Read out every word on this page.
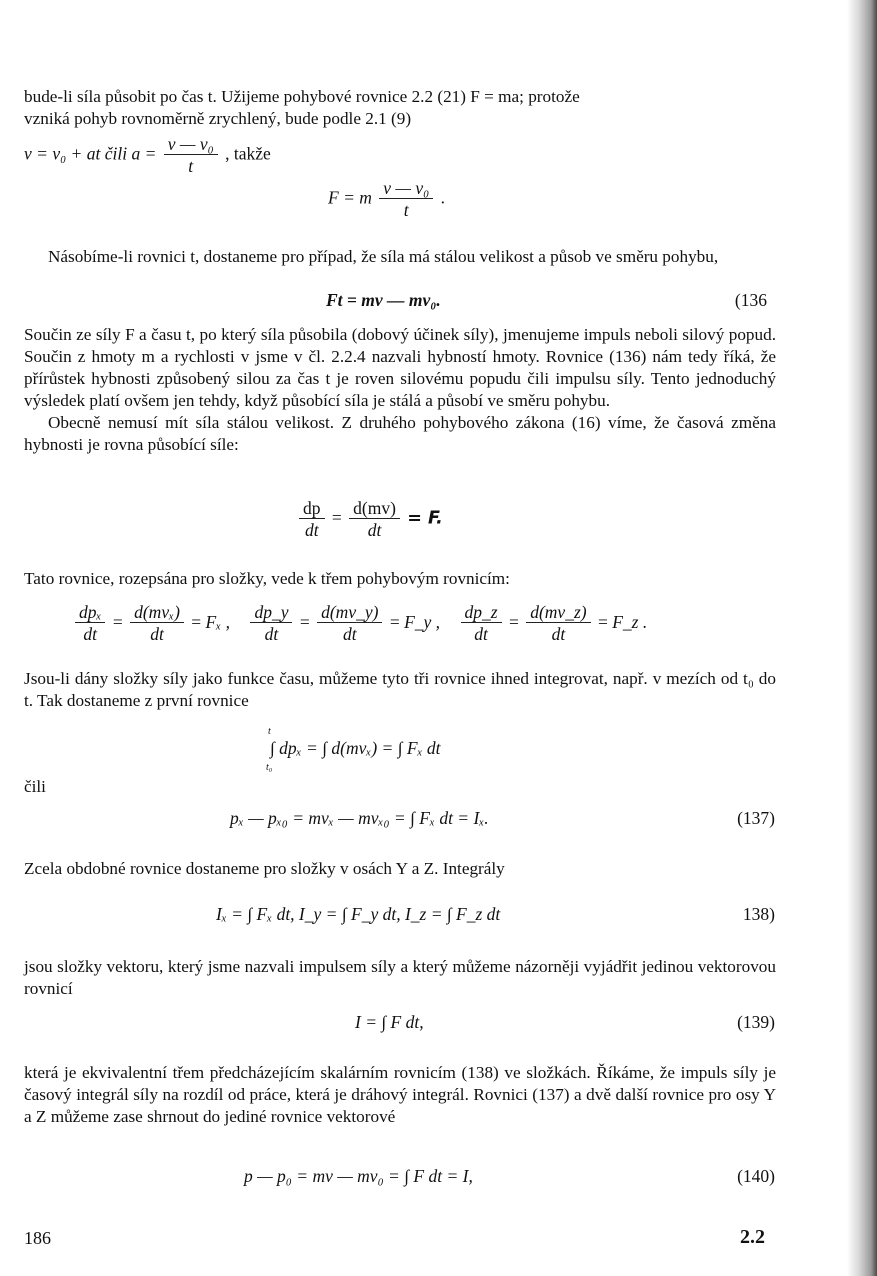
bude-li síla působit po čas t. Užijeme pohybové rovnice 2.2 (21) F = ma; protože

vzniká pohyb rovnoměrně zrychlený, bude podle 2.1 (9)

v = v₀ + at čili $a = \frac{\text{v — v₀}}{t}$ , takže
F = m $\frac{\text{v — v₀}}{t}$ .

Násobíme-li rovnici t, dostaneme pro případ, že síla má stálou velikost a působ ve směru pohybu,

Ft = mv — mv₀.	(136

Součin ze síly F a času t, po který síla působila (dobový účinek síly), jmenujeme impuls neboli silový popud. Součin z hmoty m a rychlosti v jsme v čl. 2.2.4 nazvali hybností hmoty. Rovnice (136) nám tedy říká, že přírůstek hybnosti způsobený silou za čas t je roven silovému popudu čili impulsu síly. Tento jednoduchý výsledek platí ovšem jen tehdy, když působící síla je stálá a působí ve směru pohybu.

Obecně nemusí mít síla stálou velikost. Z druhého pohybového zákona (16) víme, že časová změna hybnosti je rovna působící síle:

$\frac{dp}{dt} = \frac{d(mv)}{dt} = F$.

Tato rovnice, rozepsána pro složky, vede k třem pohybovým rovnicím:

$\frac{\text{dpₓ}}{dt} = \frac{\text{d(mvₓ)}}{dt} = F_x$ , $\frac{dp\_y}{dt} = \frac{d(mv\_y)}{dt}$ = F_y , $\frac{dp\_z}{dt} = \frac{d(mv\_z)}{dt}$ = F_z .

Jsou-li dány složky síly jako funkce času, můžeme tyto tři rovnice ihned integrovat, např. v mezích od t₀ do t. Tak dostaneme z první rovnice

∫ dpₓ = ∫ d(mvₓ) = ∫ Fₓ dt
t
t₀

čili

pₓ — pₓ₀ = mvₓ — mvₓ₀ = ∫ Fₓ dt = Iₓ.	(137)

Zcela obdobné rovnice dostaneme pro složky v osách Y a Z. Integrály

Iₓ = ∫ Fₓ dt, I_y = ∫ F_y dt, I_z = ∫ F_z dt	138)

jsou složky vektoru, který jsme nazvali impulsem síly a který můžeme názorněji vyjádřit jedinou vektorovou rovnicí

I = ∫ F dt,	(139)

která je ekvivalentní třem předcházejícím skalárním rovnicím (138) ve složkách. Říkáme, že impuls síly je časový integrál síly na rozdíl od práce, která je dráhový integrál. Rovnici (137) a dvě další rovnice pro osy Y a Z můžeme zase shrnout do jediné rovnice vektorové

p — p₀ = mv — mv₀ = ∫ F dt = I,	(140)
186	2.2
